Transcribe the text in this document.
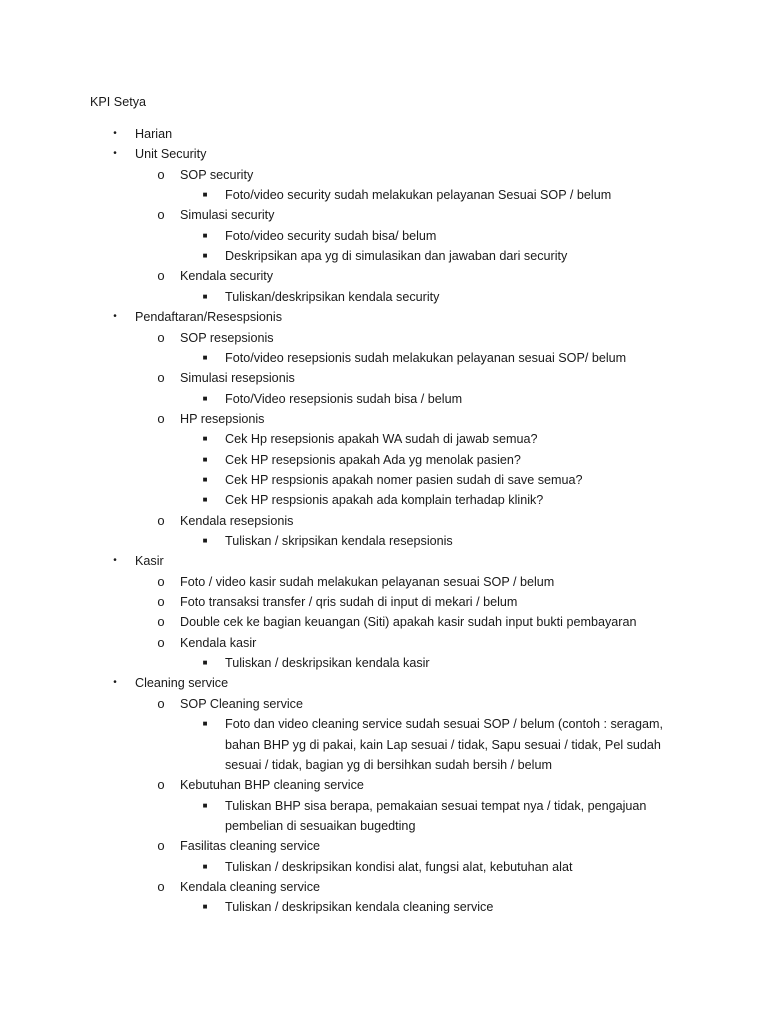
KPI Setya
•	Harian
•	Unit Security
o SOP security
■ Foto/video security sudah melakukan pelayanan Sesuai SOP / belum
o Simulasi security
■ Foto/video security sudah bisa/ belum
■ Deskripsikan apa yg di simulasikan dan jawaban dari security
o Kendala security
■ Tuliskan/deskripsikan kendala security
•	Pendaftaran/Resespsionis
o SOP resepsionis
■ Foto/video resepsionis sudah melakukan pelayanan sesuai SOP/ belum
o Simulasi resepsionis
■ Foto/Video resepsionis sudah bisa / belum
o HP resepsionis
■ Cek Hp resepsionis apakah WA sudah di jawab semua?
■ Cek HP resepsionis apakah Ada yg menolak pasien?
■ Cek HP respsionis apakah nomer pasien sudah di save semua?
■ Cek HP respsionis apakah ada komplain terhadap klinik?
o Kendala resepsionis
■ Tuliskan / skripsikan kendala resepsionis
•	Kasir
o Foto / video kasir sudah melakukan pelayanan sesuai SOP / belum
o Foto transaksi transfer / qris sudah di input di mekari / belum
o Double cek ke bagian keuangan (Siti) apakah kasir sudah input bukti pembayaran
o Kendala kasir
■ Tuliskan / deskripsikan kendala kasir
•	Cleaning service
o SOP Cleaning service
■ Foto dan video cleaning service sudah sesuai SOP / belum (contoh : seragam,
bahan BHP yg di pakai, kain Lap sesuai / tidak, Sapu sesuai / tidak, Pel sudah
sesuai / tidak, bagian yg di bersihkan sudah bersih / belum
o Kebutuhan BHP cleaning service
■ Tuliskan BHP sisa berapa, pemakaian sesuai tempat nya / tidak, pengajuan
pembelian di sesuaikan bugedting
o Fasilitas cleaning service
■ Tuliskan / deskripsikan kondisi alat, fungsi alat, kebutuhan alat
o Kendala cleaning service
■ Tuliskan / deskripsikan kendala cleaning service
